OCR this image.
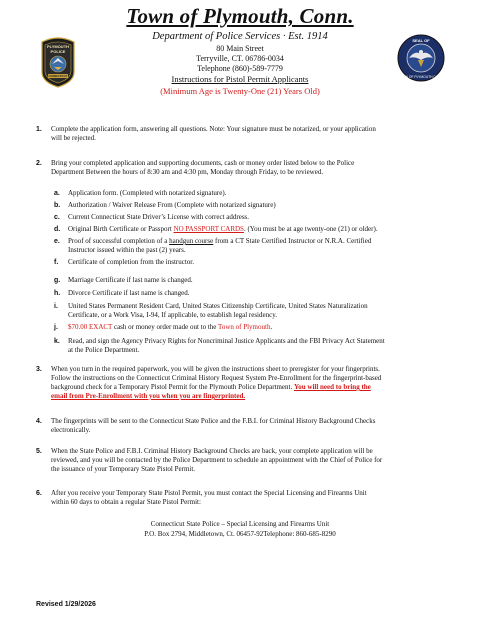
PLYMOUTH
POLICE
CONNECTICUT
SEAL OF
TOWN OF PLYMOUTH CONN.
Town of Plymouth, Conn.
Department of Police Services · Est. 1914
80 Main Street
Terryville, CT. 06786-0034
Telephone (860)-589-7779
Instructions for Pistol Permit Applicants
(Minimum Age is Twenty-One (21) Years Old)
1. Complete the application form, answering all questions. Note: Your signature must be notarized, or your application
will be rejected.
2. Bring your completed application and supporting documents, cash or money order listed below to the Police
Department Between the hours of 8:30 am and 4:30 pm, Monday through Friday, to be reviewed.
a.	Application form. (Completed with notarized signature).
b.	Authorization / Waiver Release From (Complete with notarized signature)
c.	Current Connecticut State Driver’s License with correct address.
d.	Original Birth Certificate or Passport NO PASSPORT CARDS. (You must be at age twenty-one (21) or older).
e.	Proof of successful completion of a handgun course from a CT State Certified Instructor or N.R.A. Certified
Instructor issued within the past (2) years.
f.	Certificate of completion from the instructor.
g.	Marriage Certificate if last name is changed.
h.	Divorce Certificate if last name is changed.
i.	United States Permanent Resident Card, United States Citizenship Certificate, United States Naturalization
Certificate, or a Work Visa, I-94, If applicable, to establish legal residency.
j.	$70.00 EXACT cash or money order made out to the Town of Plymouth.
k.	Read, and sign the Agency Privacy Rights for Noncriminal Justice Applicants and the FBI Privacy Act Statement
at the Police Department.
3. When you turn in the required paperwork, you will be given the instructions sheet to preregister for your fingerprints.
Follow the instructions on the Connecticut Criminal History Request System Pre-Enrollment for the fingerprint-based
background check for a Temporary Pistol Permit for the Plymouth Police Department. You will need to bring the
email from Pre-Enrollment with you when you are fingerprinted.
4. The fingerprints will be sent to the Connecticut State Police and the F.B.I. for Criminal History Background Checks
electronically.
5. When the State Police and F.B.I. Criminal History Background Checks are back, your complete application will be
reviewed, and you will be contacted by the Police Department to schedule an appointment with the Chief of Police for
the issuance of your Temporary State Pistol Permit.
6. After you receive your Temporary State Pistol Permit, you must contact the Special Licensing and Firearms Unit
within 60 days to obtain a regular State Pistol Permit:
Connecticut State Police – Special Licensing and Firearms Unit
P.O. Box 2794, Middletown, Ct. 06457-92Telephone: 860-685-8290
Revised 1/29/2026
